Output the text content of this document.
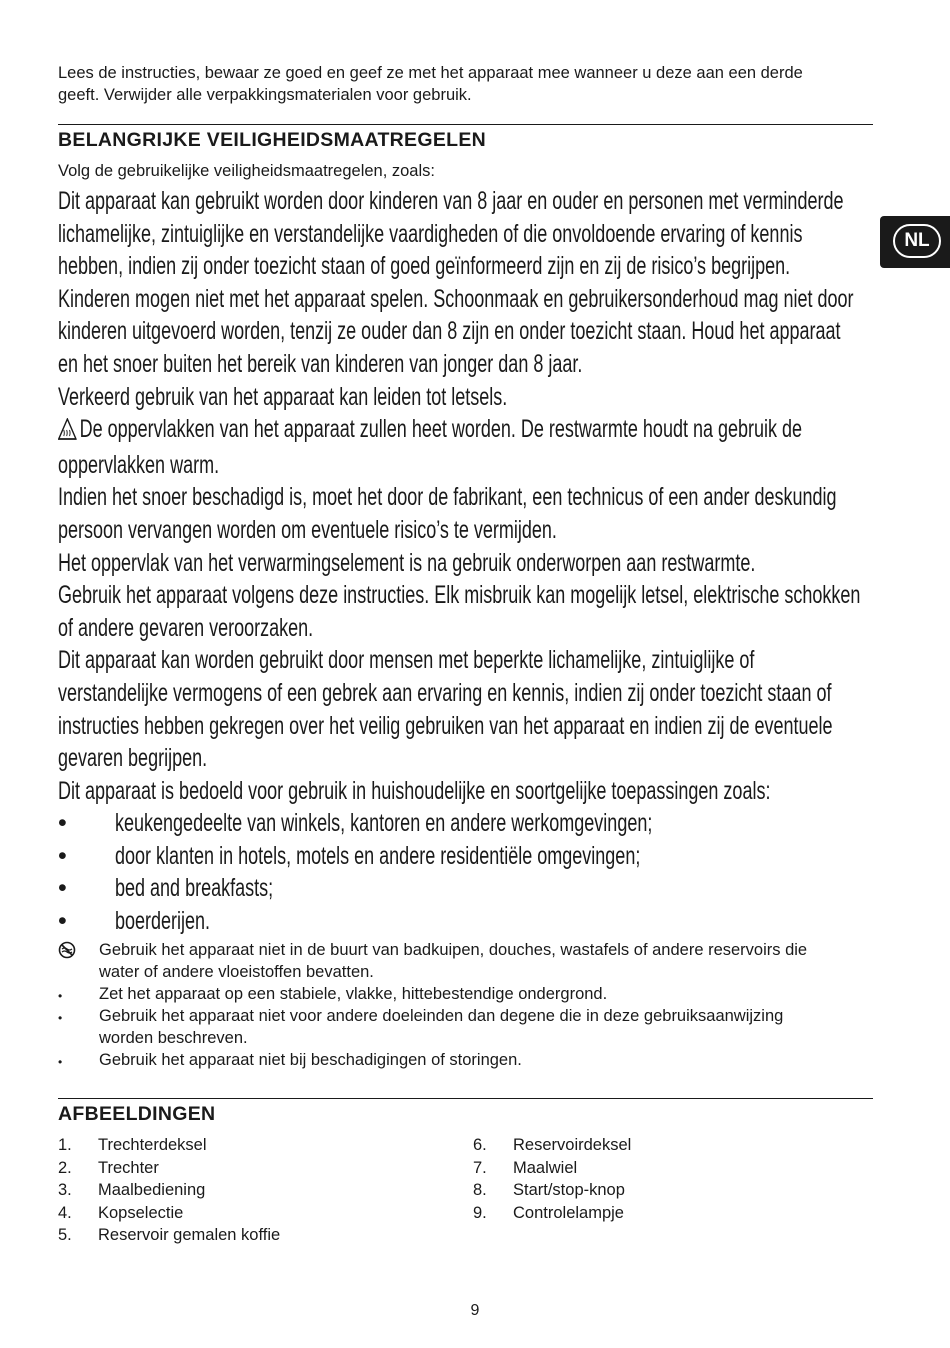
Lees de instructies, bewaar ze goed en geef ze met het apparaat mee wanneer u deze aan een derde
geeft. Verwijder alle verpakkingsmaterialen voor gebruik.
BELANGRIJKE VEILIGHEIDSMAATREGELEN
Volg de gebruikelijke veiligheidsmaatregelen, zoals:

Dit apparaat kan gebruikt worden door kinderen van 8 jaar en ouder en personen met verminderde

lichamelijke, zintuiglijke en verstandelijke vaardigheden of die onvoldoende ervaring of kennis

hebben, indien zij onder toezicht staan of goed geïnformeerd zijn en zij de risico’s begrijpen.

Kinderen mogen niet met het apparaat spelen. Schoonmaak en gebruikersonderhoud mag niet door

kinderen uitgevoerd worden, tenzij ze ouder dan 8 zijn en onder toezicht staan. Houd het apparaat

en het snoer buiten het bereik van kinderen van jonger dan 8 jaar.

Verkeerd gebruik van het apparaat kan leiden tot letsels.

De oppervlakken van het apparaat zullen heet worden. De restwarmte houdt na gebruik de

oppervlakken warm.

Indien het snoer beschadigd is, moet het door de fabrikant, een technicus of een ander deskundig

persoon vervangen worden om eventuele risico’s te vermijden.

Het oppervlak van het verwarmingselement is na gebruik onderworpen aan restwarmte.

Gebruik het apparaat volgens deze instructies. Elk misbruik kan mogelijk letsel, elektrische schokken

of andere gevaren veroorzaken.

Dit apparaat kan worden gebruikt door mensen met beperkte lichamelijke, zintuiglijke of

verstandelijke vermogens of een gebrek aan ervaring en kennis, indien zij onder toezicht staan of

instructies hebben gekregen over het veilig gebruiken van het apparaat en indien zij de eventuele

gevaren begrijpen.

Dit apparaat is bedoeld voor gebruik in huishoudelijke en soortgelijke toepassingen zoals:

• keukengedeelte van winkels, kantoren en andere werkomgevingen;
• door klanten in hotels, motels en andere residentiële omgevingen;
• bed and breakfasts;
• boerderijen.
Gebruik het apparaat niet in de buurt van badkuipen, douches, wastafels of andere reservoirs die
water of andere vloeistoffen bevatten.
• Zet het apparaat op een stabiele, vlakke, hittebestendige ondergrond.
• Gebruik het apparaat niet voor andere doeleinden dan degene die in deze gebruiksaanwijzing
worden beschreven.
• Gebruik het apparaat niet bij beschadigingen of storingen.
AFBEELDINGEN
1. Trechterdeksel
2. Trechter
3. Maalbediening
4. Kopselectie
5. Reservoir gemalen koffie
6. Reservoirdeksel
7. Maalwiel
8. Start/stop-knop
9. Controlelampje
NL
9
